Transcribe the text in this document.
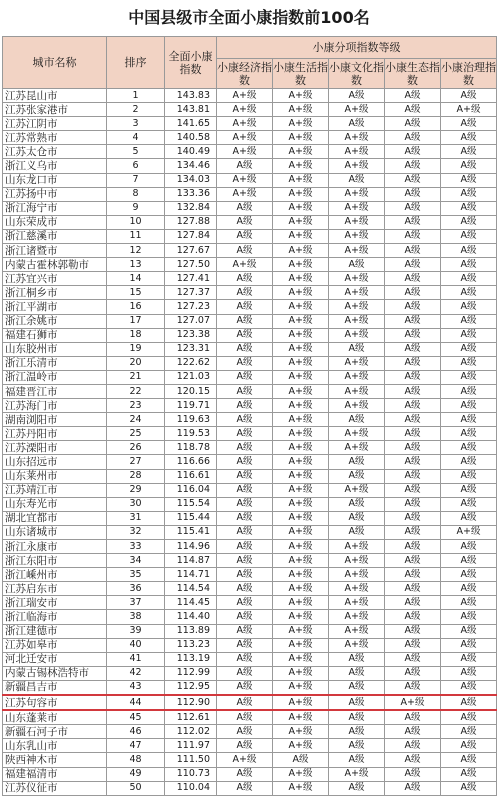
中国县级市全面小康指数前100名
城市名称	排序	全面小康指数	小康分项指数等级				
			小康经济指数	小康生活指数	小康文化指数	小康生态指数	小康治理指数
江苏昆山市	1	143.83	A+级	A+级	A级	A级	A级
江苏张家港市	2	143.81	A+级	A+级	A+级	A级	A+级
江苏江阴市	3	141.65	A+级	A+级	A级	A级	A级
江苏常熟市	4	140.58	A+级	A+级	A+级	A级	A级
江苏太仓市	5	140.49	A+级	A+级	A+级	A级	A级
浙江义乌市	6	134.46	A级	A+级	A+级	A级	A级
山东龙口市	7	134.03	A+级	A+级	A级	A级	A级
江苏扬中市	8	133.36	A+级	A+级	A+级	A级	A级
浙江海宁市	9	132.84	A级	A+级	A+级	A级	A级
山东荣成市	10	127.88	A级	A+级	A+级	A级	A级
浙江慈溪市	11	127.84	A级	A+级	A+级	A级	A级
浙江诸暨市	12	127.67	A级	A+级	A+级	A级	A级
内蒙古霍林郭勒市	13	127.50	A+级	A+级	A级	A级	A级
江苏宜兴市	14	127.41	A级	A+级	A+级	A级	A级
浙江桐乡市	15	127.37	A级	A+级	A+级	A级	A级
浙江平湖市	16	127.23	A级	A+级	A+级	A级	A级
浙江余姚市	17	127.07	A级	A+级	A+级	A级	A级
福建石狮市	18	123.38	A级	A+级	A+级	A级	A级
山东胶州市	19	123.31	A级	A+级	A级	A级	A级
浙江乐清市	20	122.62	A级	A+级	A+级	A级	A级
浙江温岭市	21	121.03	A级	A+级	A+级	A级	A级
福建晋江市	22	120.15	A级	A+级	A+级	A级	A级
江苏海门市	23	119.71	A级	A+级	A+级	A级	A级
湖南浏阳市	24	119.63	A级	A+级	A级	A级	A级
江苏丹阳市	25	119.53	A级	A+级	A+级	A级	A级
江苏溧阳市	26	118.78	A级	A+级	A+级	A级	A级
山东招远市	27	116.66	A级	A+级	A级	A级	A级
山东莱州市	28	116.61	A级	A+级	A级	A级	A级
江苏靖江市	29	116.04	A级	A+级	A+级	A级	A级
山东寿光市	30	115.54	A级	A+级	A级	A级	A级
湖北宜都市	31	115.44	A级	A+级	A级	A级	A级
山东诸城市	32	115.41	A级	A+级	A级	A级	A+级
浙江永康市	33	114.96	A级	A+级	A+级	A级	A级
浙江东阳市	34	114.87	A级	A+级	A+级	A级	A级
浙江嵊州市	35	114.71	A级	A+级	A+级	A级	A级
江苏启东市	36	114.54	A级	A+级	A+级	A级	A级
浙江瑞安市	37	114.45	A级	A+级	A+级	A级	A级
浙江临海市	38	114.40	A级	A+级	A+级	A级	A级
浙江建德市	39	113.89	A级	A+级	A+级	A级	A级
江苏如皋市	40	113.23	A级	A+级	A+级	A级	A级
河北迁安市	41	113.19	A级	A+级	A级	A级	A级
内蒙古锡林浩特市	42	112.99	A级	A+级	A级	A级	A级
新疆昌吉市	43	112.95	A级	A+级	A级	A级	A级
江苏句容市	44	112.90	A级	A+级	A级	A+级	A级
山东蓬莱市	45	112.61	A级	A+级	A级	A级	A级
新疆石河子市	46	112.02	A级	A+级	A级	A级	A级
山东乳山市	47	111.97	A级	A+级	A级	A级	A级
陕西神木市	48	111.50	A+级	A级	A级	A级	A级
福建福清市	49	110.73	A级	A+级	A+级	A级	A级
江苏仪征市	50	110.04	A级	A+级	A级	A级	A级
